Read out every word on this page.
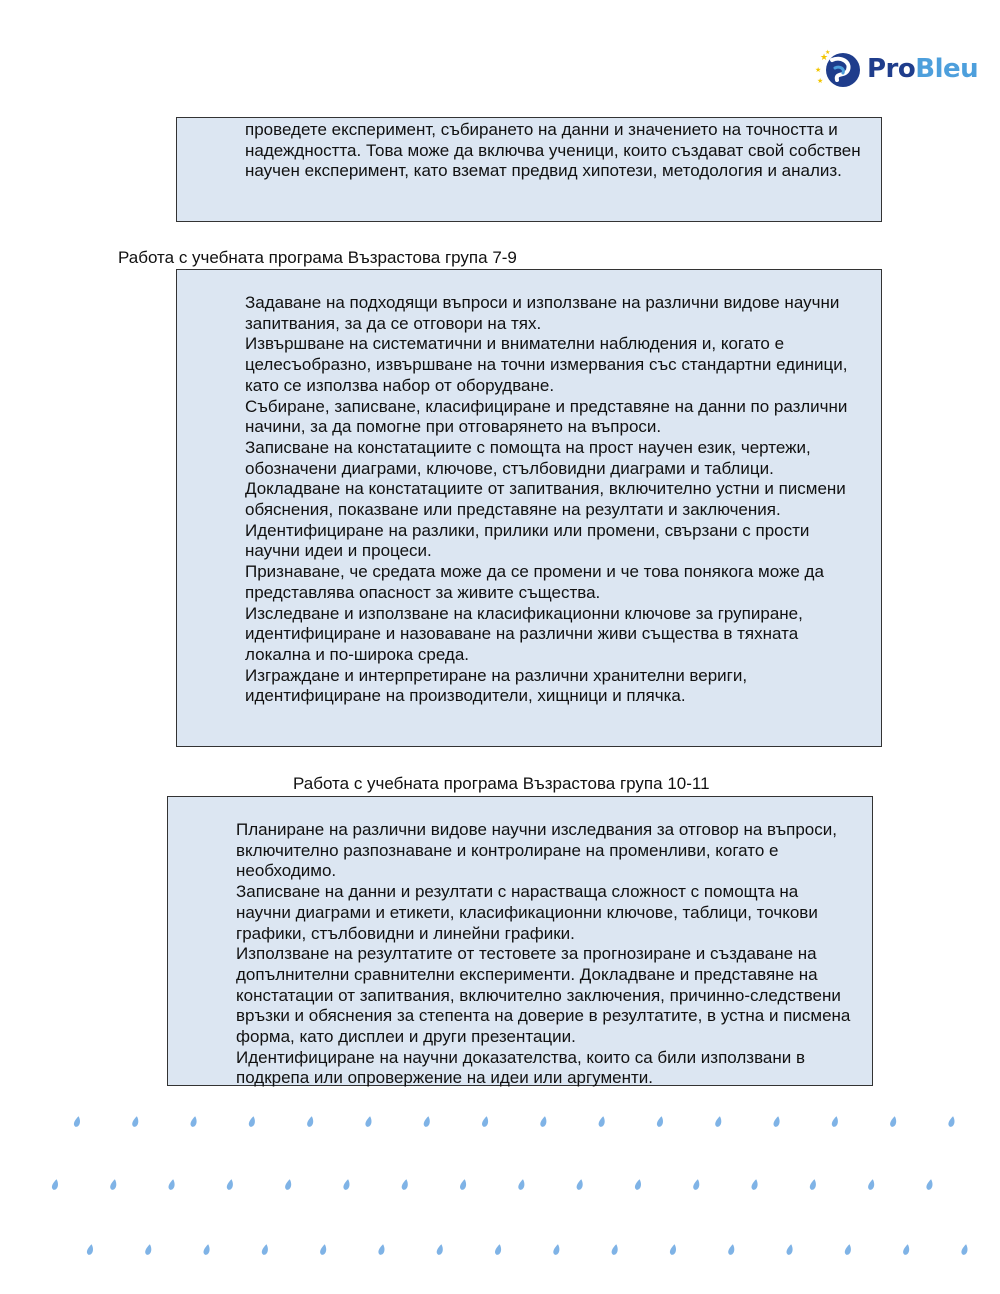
★
★
★
★
ProBleu

проведете експеримент, събирането на данни и значението на точността и надеждността. Това може да включва ученици, които създават свой собствен научен експеримент, като вземат предвид хипотези, методология и анализ.

Работа с учебната програма Възрастова група 7-9

Задаване на подходящи въпроси и използване на различни видове научни запитвания, за да се отговори на тях.

Извършване на систематични и внимателни наблюдения и, когато е целесъобразно, извършване на точни измервания със стандартни единици, като се използва набор от оборудване.

Събиране, записване, класифициране и представяне на данни по различни начини, за да помогне при отговарянето на въпроси.

Записване на констатациите с помощта на прост научен език, чертежи, обозначени диаграми, ключове, стълбовидни диаграми и таблици.

Докладване на констатациите от запитвания, включително устни и писмени обяснения, показване или представяне на резултати и заключения.

Идентифициране на разлики, прилики или промени, свързани с прости научни идеи и процеси.

Признаване, че средата може да се промени и че това понякога може да представлява опасност за живите същества.

Изследване и използване на класификационни ключове за групиране, идентифициране и назоваване на различни живи същества в тяхната локална и по-широка среда.

Изграждане и интерпретиране на различни хранителни вериги, идентифициране на производители, хищници и плячка.

Работа с учебната програма Възрастова група 10-11

Планиране на различни видове научни изследвания за отговор на въпроси, включително разпознаване и контролиране на променливи, когато е необходимо.

Записване на данни и резултати с нарастваща сложност с помощта на научни диаграми и етикети, класификационни ключове, таблици, точкови графики, стълбовидни и линейни графики.

Използване на резултатите от тестовете за прогнозиране и създаване на допълнителни сравнителни експерименти. Докладване и представяне на констатации от запитвания, включително заключения, причинно-следствени връзки и обяснения за степента на доверие в резултатите, в устна и писмена форма, като дисплеи и други презентации.

Идентифициране на научни доказателства, които са били използвани в подкрепа или опровержение на идеи или аргументи.
